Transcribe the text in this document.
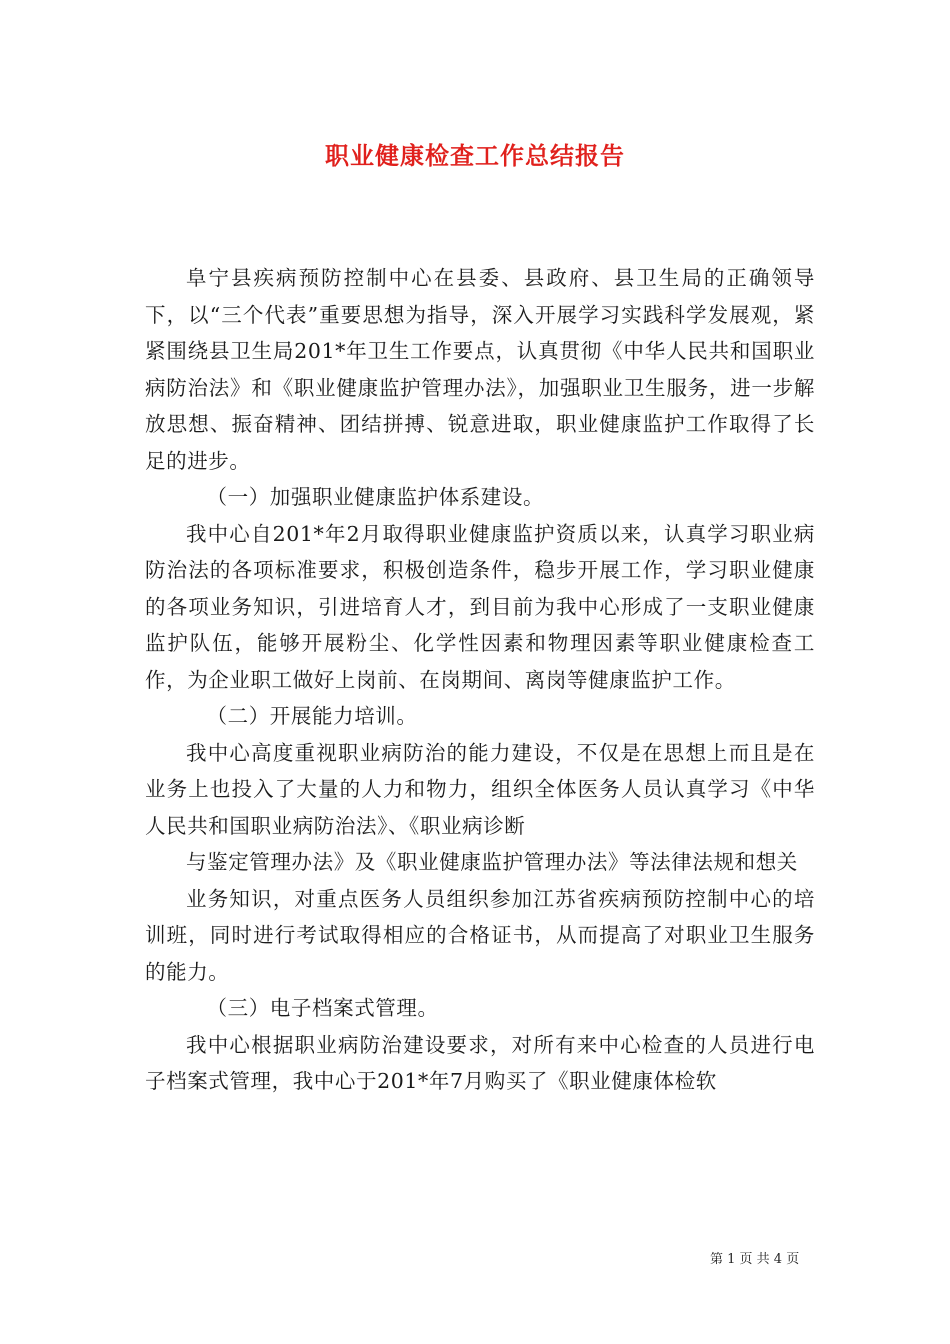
职业健康检查工作总结报告

阜宁县疾病预防控制中心在县委、县政府、县卫生局的正确领导下，以“三个代表”重要思想为指导，深入开展学习实践科学发展观，紧紧围绕县卫生局201*年卫生工作要点，认真贯彻《中华人民共和国职业病防治法》和《职业健康监护管理办法》，加强职业卫生服务，进一步解放思想、振奋精神、团结拼搏、锐意进取，职业健康监护工作取得了长足的进步。

（一）加强职业健康监护体系建设。

我中心自201*年2月取得职业健康监护资质以来，认真学习职业病防治法的各项标准要求，积极创造条件，稳步开展工作，学习职业健康的各项业务知识，引进培育人才，到目前为我中心形成了一支职业健康监护队伍，能够开展粉尘、化学性因素和物理因素等职业健康检查工作，为企业职工做好上岗前、在岗期间、离岗等健康监护工作。

（二）开展能力培训。

我中心高度重视职业病防治的能力建设，不仅是在思想上而且是在业务上也投入了大量的人力和物力，组织全体医务人员认真学习《中华人民共和国职业病防治法》、《职业病诊断

与鉴定管理办法》及《职业健康监护管理办法》等法律法规和想关

业务知识，对重点医务人员组织参加江苏省疾病预防控制中心的培训班，同时进行考试取得相应的合格证书，从而提高了对职业卫生服务的能力。

（三）电子档案式管理。

我中心根据职业病防治建设要求，对所有来中心检查的人员进行电子档案式管理，我中心于201*年7月购买了《职业健康体检软

第 1 页 共 4 页
